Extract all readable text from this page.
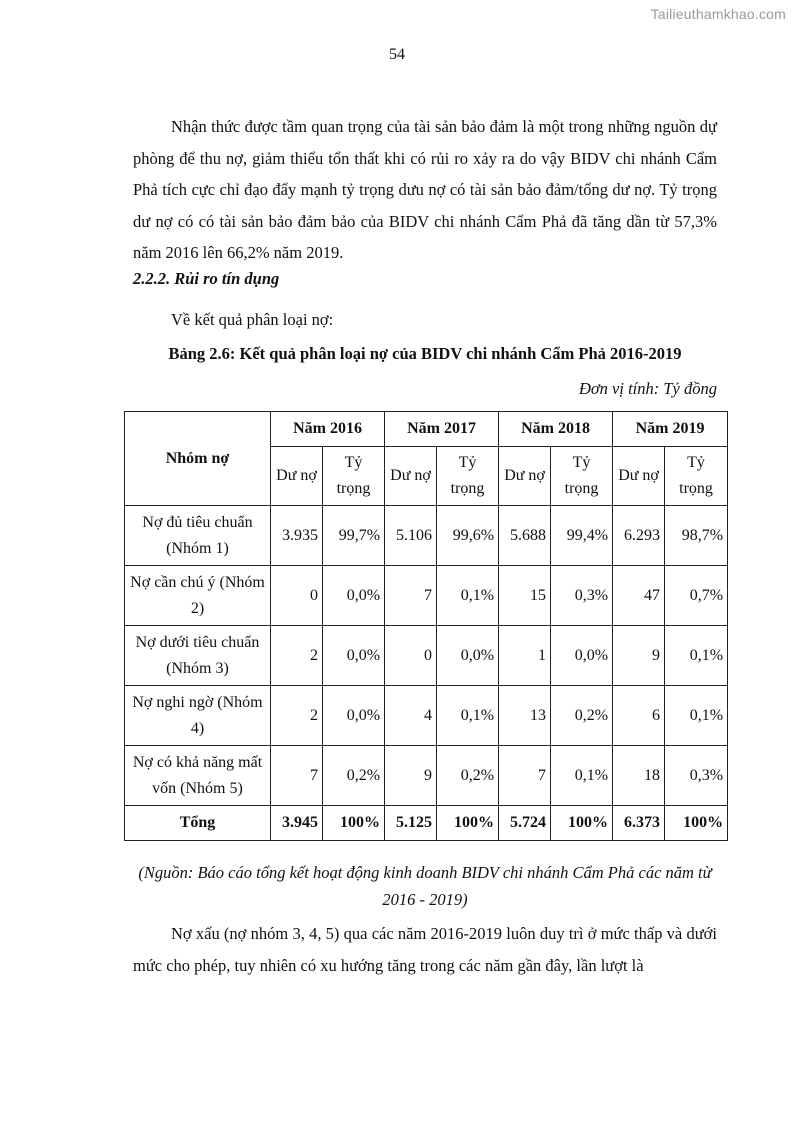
Tailieuthamkhao.com
54

Nhận thức được tầm quan trọng của tài sản bảo đảm là một trong những nguồn dự phòng để thu nợ, giảm thiểu tổn thất khi có rủi ro xảy ra do vậy BIDV chi nhánh Cẩm Phả tích cực chỉ đạo đẩy mạnh tỷ trọng dưu nợ có tài sản bảo đảm/tổng dư nợ. Tỷ trọng dư nợ có có tài sản bảo đảm bảo của BIDV chi nhánh Cẩm Phả đã tăng dần từ 57,3% năm 2016 lên 66,2% năm 2019.

2.2.2. Rủi ro tín dụng

Về kết quả phân loại nợ:

Bảng 2.6: Kết quả phân loại nợ của BIDV chi nhánh Cẩm Phả 2016-2019

Đơn vị tính: Tỷ đồng

Nhóm nợ	Năm 2016		Năm 2017		Năm 2018		Năm 2019	
	Dư nợ	Tỷ trọng	Dư nợ	Tỷ trọng	Dư nợ	Tỷ trọng	Dư nợ	Tỷ trọng
Nợ đủ tiêu chuẩn (Nhóm 1)	3.935	99,7%	5.106	99,6%	5.688	99,4%	6.293	98,7%
Nợ cần chú ý (Nhóm 2)	0	0,0%	7	0,1%	15	0,3%	47	0,7%
Nợ dưới tiêu chuẩn (Nhóm 3)	2	0,0%	0	0,0%	1	0,0%	9	0,1%
Nợ nghi ngờ (Nhóm 4)	2	0,0%	4	0,1%	13	0,2%	6	0,1%
Nợ có khả năng mất vốn (Nhóm 5)	7	0,2%	9	0,2%	7	0,1%	18	0,3%
Tổng	3.945	100%	5.125	100%	5.724	100%	6.373	100%

(Nguồn: Báo cáo tổng kết hoạt động kinh doanh BIDV chi nhánh Cẩm Phả các năm từ 2016 - 2019)

Nợ xấu (nợ nhóm 3, 4, 5) qua các năm 2016-2019 luôn duy trì ở mức thấp và dưới mức cho phép, tuy nhiên có xu hướng tăng trong các năm gần đây, lần lượt là
